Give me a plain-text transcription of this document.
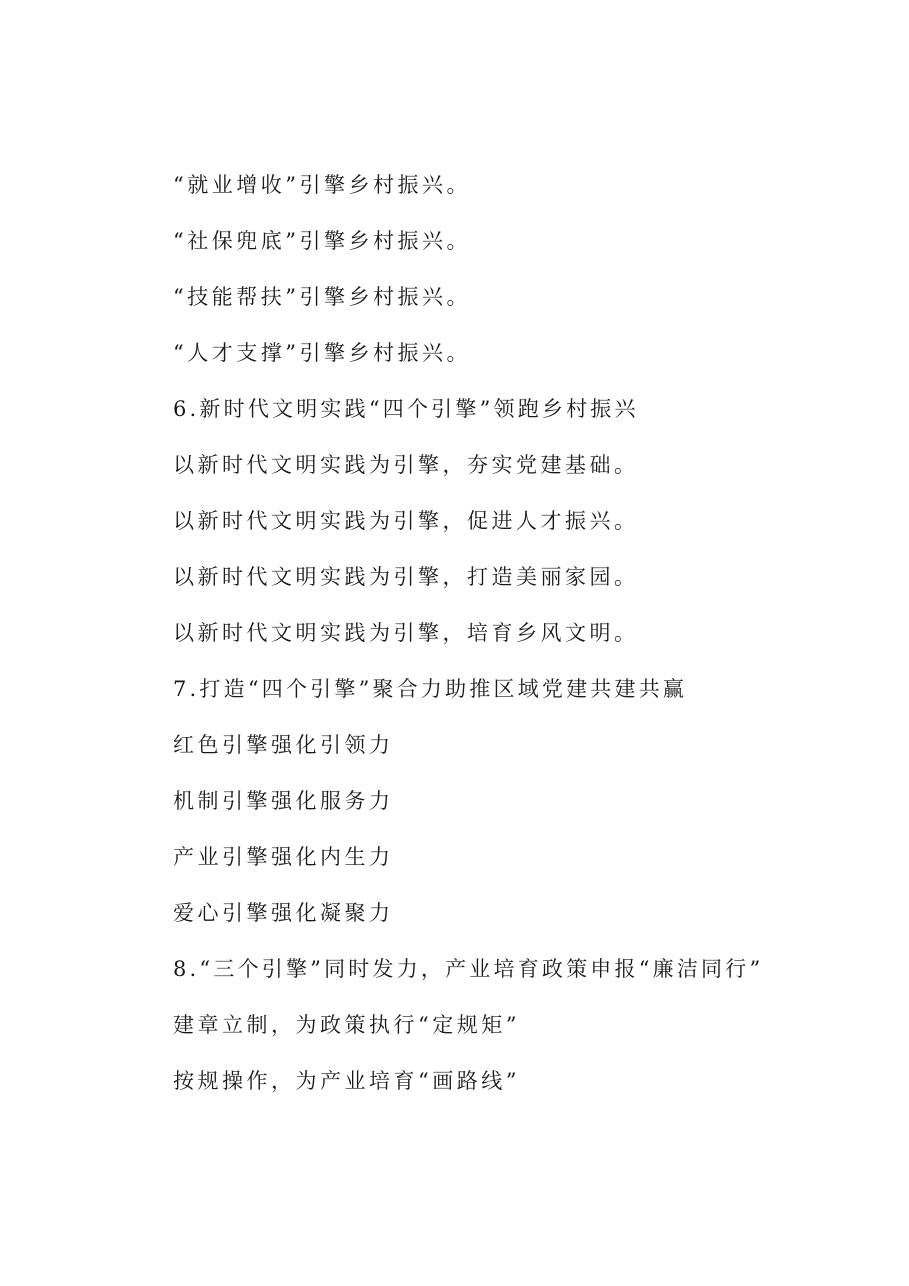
“就业增收”引擎乡村振兴。
“社保兜底”引擎乡村振兴。
“技能帮扶”引擎乡村振兴。
“人才支撑”引擎乡村振兴。
6.新时代文明实践“四个引擎”领跑乡村振兴
以新时代文明实践为引擎，夯实党建基础。
以新时代文明实践为引擎，促进人才振兴。
以新时代文明实践为引擎，打造美丽家园。
以新时代文明实践为引擎，培育乡风文明。
7.打造“四个引擎”聚合力助推区域党建共建共赢
红色引擎强化引领力
机制引擎强化服务力
产业引擎强化内生力
爱心引擎强化凝聚力
8.“三个引擎”同时发力，产业培育政策申报“廉洁同行”
建章立制，为政策执行“定规矩”
按规操作，为产业培育“画路线”
